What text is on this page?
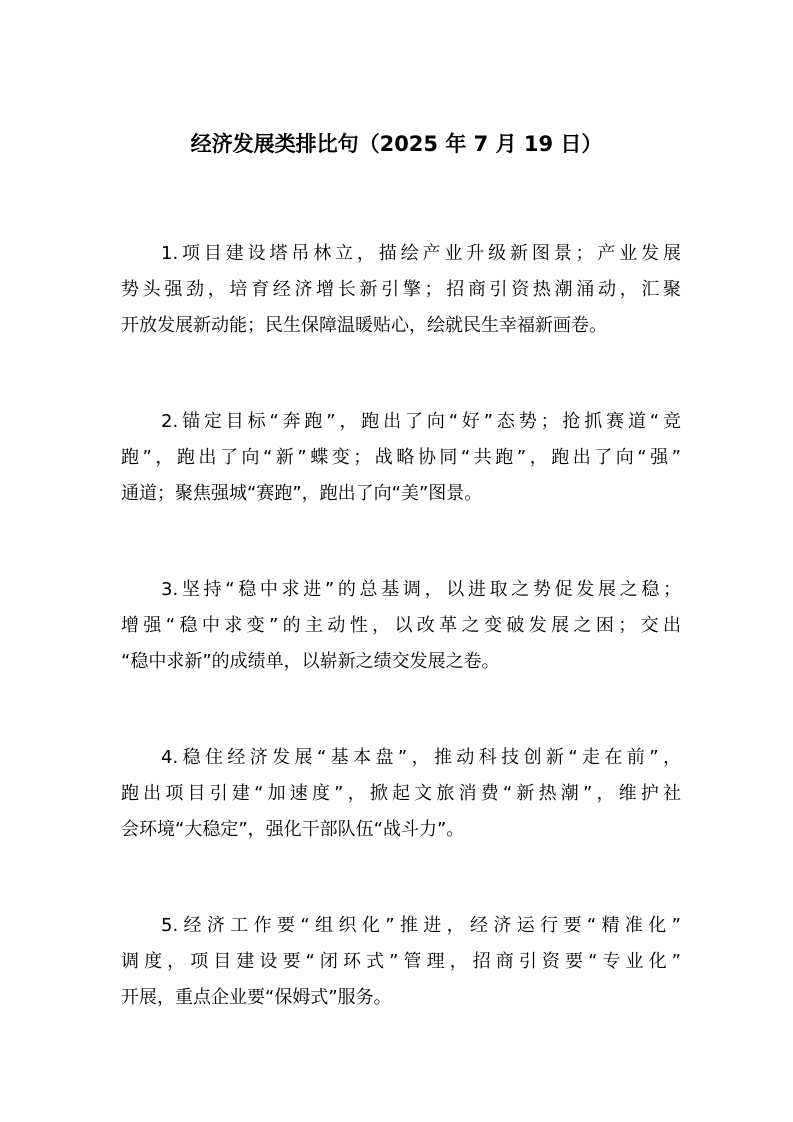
经济发展类排比句（2025 年 7 月 19 日）
1.项目建设塔吊林立，描绘产业升级新图景；产业发展
势头强劲，培育经济增长新引擎；招商引资热潮涌动，汇聚
开放发展新动能；民生保障温暖贴心，绘就民生幸福新画卷。
2.锚定目标“奔跑”，跑出了向“好”态势；抢抓赛道“竞
跑”，跑出了向“新”蝶变；战略协同“共跑”，跑出了向“强”
通道；聚焦强城“赛跑”，跑出了向“美”图景。
3.坚持“稳中求进”的总基调，以进取之势促发展之稳；
增强“稳中求变”的主动性，以改革之变破发展之困；交出
“稳中求新”的成绩单，以崭新之绩交发展之卷。
4.稳住经济发展“基本盘”，推动科技创新“走在前”，
跑出项目引建“加速度”，掀起文旅消费“新热潮”，维护社
会环境“大稳定”，强化干部队伍“战斗力”。
5.经济工作要“组织化”推进，经济运行要“精准化”
调度，项目建设要“闭环式”管理，招商引资要“专业化”
开展，重点企业要“保姆式”服务。
